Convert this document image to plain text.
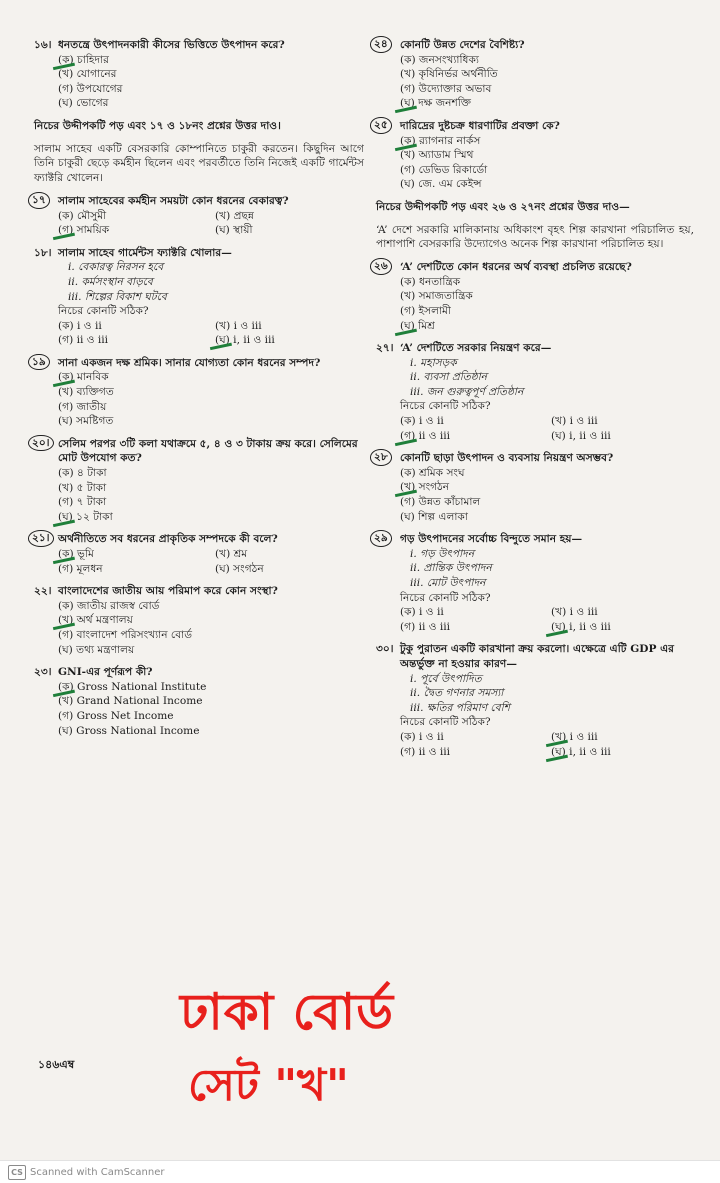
১৬। ধনতন্ত্রে উৎপাদনকারী কীসের ভিত্তিতে উৎপাদন করে?
(ক) চাহিদার
(খ) যোগানের
(গ) উপযোগের
(ঘ) ভোগের
নিচের উদ্দীপকটি পড় এবং ১৭ ও ১৮নং প্রশ্নের উত্তর দাও।
সালাম সাহেব একটি বেসরকারি কোম্পানিতে চাকুরী করতেন। কিছুদিন আগে তিনি চাকুরী ছেড়ে কর্মহীন ছিলেন এবং পরবর্তীতে তিনি নিজেই একটি গার্মেন্টস ফ্যাক্টরি খোলেন।
১৭	সালাম সাহেবের কর্মহীন সময়টা কোন ধরনের বেকারত্ব?
(ক) মৌসুমী	(খ) প্রছন্ন
(গ) সাময়িক	(ঘ) স্থায়ী
১৮। সালাম সাহেব গার্মেন্টস ফ্যাক্টরি খোলার—
i. বেকারত্ব নিরসন হবে
ii. কর্মসংস্থান বাড়বে
iii. শিল্পের বিকাশ ঘটবে
নিচের কোনটি সঠিক?
(ক) i ও ii	(খ) i ও iii
(গ) ii ও iii	(ঘ) i, ii ও iii
১৯	সানা একজন দক্ষ শ্রমিক। সানার যোগ্যতা কোন ধরনের সম্পদ?
(ক) মানবিক
(খ) ব্যক্তিগত
(গ) জাতীয়
(ঘ) সমষ্টিগত
২০। সেলিম পরপর ৩টি কলা যথাক্রমে ৫, ৪ ও ৩ টাকায় ক্রয় করে। সেলিমের মোট উপযোগ কত?
(ক) ৪ টাকা
(খ) ৫ টাকা
(গ) ৭ টাকা
(ঘ) ১২ টাকা
২১। অর্থনীতিতে সব ধরনের প্রাকৃতিক সম্পদকে কী বলে?
(ক) ভূমি	(খ) শ্রম
(গ) মূলধন	(ঘ) সংগঠন
২২। বাংলাদেশের জাতীয় আয় পরিমাপ করে কোন সংস্থা?
(ক) জাতীয় রাজস্ব বোর্ড
(খ) অর্থ মন্ত্রণালয়
(গ) বাংলাদেশ পরিসংখ্যান বোর্ড
(ঘ) তথ্য মন্ত্রণালয়
২৩। GNI-এর পূর্ণরূপ কী?
(ক) Gross National Institute
(খ) Grand National Income
(গ) Gross Net Income
(ঘ) Gross National Income
২৪	কোনটি উন্নত দেশের বৈশিষ্ট্য?
(ক) জনসংখ্যাধিক্য
(খ) কৃষিনির্ভর অর্থনীতি
(গ) উদ্যোক্তার অভাব
(ঘ) দক্ষ জনশক্তি
২৫	দারিদ্রের দুষ্টচক্র ধারণাটির প্রবক্তা কে?
(ক) র‍্যাগনার নার্কস
(খ) অ্যাডাম স্মিথ
(গ) ডেভিড রিকার্ডো
(ঘ) জে. এম কেইন্স
নিচের উদ্দীপকটি পড় এবং ২৬ ও ২৭নং প্রশ্নের উত্তর দাও—
‘A’ দেশে সরকারি মালিকানায় অধিকাংশ বৃহৎ শিল্প কারখানা পরিচালিত হয়, পাশাপাশি বেসরকারি উদ্যোগেও অনেক শিল্প কারখানা পরিচালিত হয়।
২৬	‘A’ দেশটিতে কোন ধরনের অর্থ ব্যবস্থা প্রচলিত রয়েছে?
(ক) ধনতান্ত্রিক
(খ) সমাজতান্ত্রিক
(গ) ইসলামী
(ঘ) মিশ্র
২৭। ‘A’ দেশটিতে সরকার নিয়ন্ত্রণ করে—
i. মহাসড়ক
ii. ব্যবসা প্রতিষ্ঠান
iii. জন গুরুত্বপূর্ণ প্রতিষ্ঠান
নিচের কোনটি সঠিক?
(ক) i ও ii	(খ) i ও iii
(গ) ii ও iii	(ঘ) i, ii ও iii
২৮	কোনটি ছাড়া উৎপাদন ও ব্যবসায় নিয়ন্ত্রণ অসম্ভব?
(ক) শ্রমিক সংঘ
(খ) সংগঠন
(গ) উন্নত কাঁচামাল
(ঘ) শিল্প এলাকা
২৯	গড় উৎপাদনের সর্বোচ্চ বিন্দুতে সমান হয়—
i. গড় উৎপাদন
ii. প্রান্তিক উৎপাদন
iii. মোট উৎপাদন
নিচের কোনটি সঠিক?
(ক) i ও ii	(খ) i ও iii
(গ) ii ও iii	(ঘ) i, ii ও iii
৩০। টুকু পুরাতন একটি কারখানা ক্রয় করলো। এক্ষেত্রে এটি GDP এর অন্তর্ভুক্ত না হওয়ার কারণ—
i. পূর্বে উৎপাদিত
ii. দ্বৈত গণনার সমস্যা
iii. ক্ষতির পরিমাণ বেশি
নিচের কোনটি সঠিক?
(ক) i ও ii	(খ) i ও iii
(গ) ii ও iii	(ঘ) i, ii ও iii
১৪৬এম্ব
ঢাকা বোর্ড
সেট "খ"
CS Scanned with CamScanner
